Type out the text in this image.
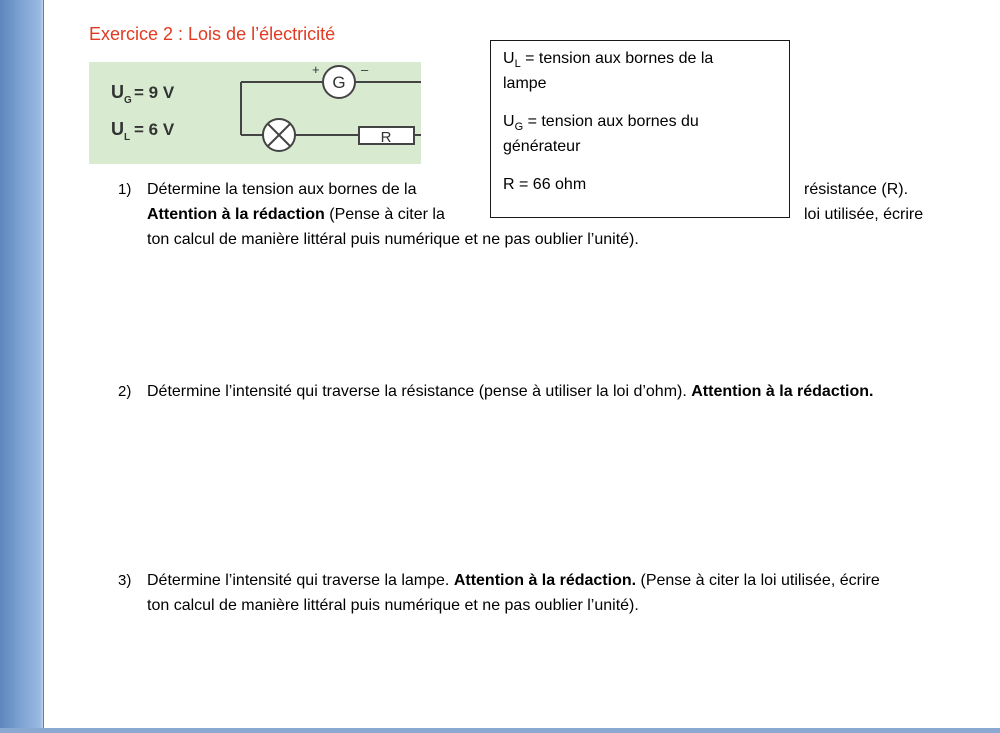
Exercice 2 : Lois de l’électricité
U G = 9 V
U L = 6 V
G
+	–
R
$U_L$ = tension aux bornes de la
lampe
$U_G$ = tension aux bornes du
générateur
R = 66 ohm
1) Détermine la tension aux bornes de la	résistance (R).
Attention à la rédaction (Pense à citer la	loi utilisée, écrire
ton calcul de manière littéral puis numérique et ne pas oublier l’unité).
2) Détermine l’intensité qui traverse la résistance (pense à utiliser la loi d’ohm). Attention à la rédaction.
3) Détermine l’intensité qui traverse la lampe. Attention à la rédaction. (Pense à citer la loi utilisée, écrire
ton calcul de manière littéral puis numérique et ne pas oublier l’unité).
